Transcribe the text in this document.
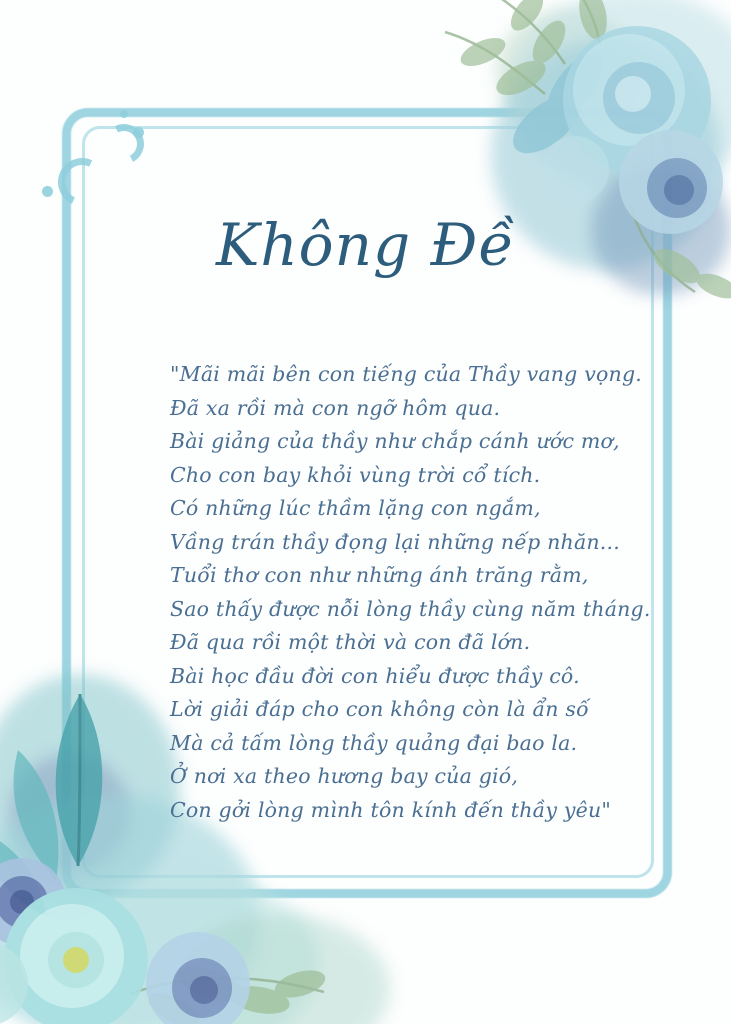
Không Đề
"Mãi mãi bên con tiếng của Thầy vang vọng.
Đã xa rồi mà con ngỡ hôm qua.
Bài giảng của thầy như chắp cánh ước mơ,
Cho con bay khỏi vùng trời cổ tích.
Có những lúc thầm lặng con ngắm,
Vầng trán thầy đọng lại những nếp nhăn...
Tuổi thơ con như những ánh trăng rằm,
Sao thấy được nỗi lòng thầy cùng năm tháng.
Đã qua rồi một thời và con đã lớn.
Bài học đầu đời con hiểu được thầy cô.
Lời giải đáp cho con không còn là ẩn số
Mà cả tấm lòng thầy quảng đại bao la.
Ở nơi xa theo hương bay của gió,
Con gởi lòng mình tôn kính đến thầy yêu"
